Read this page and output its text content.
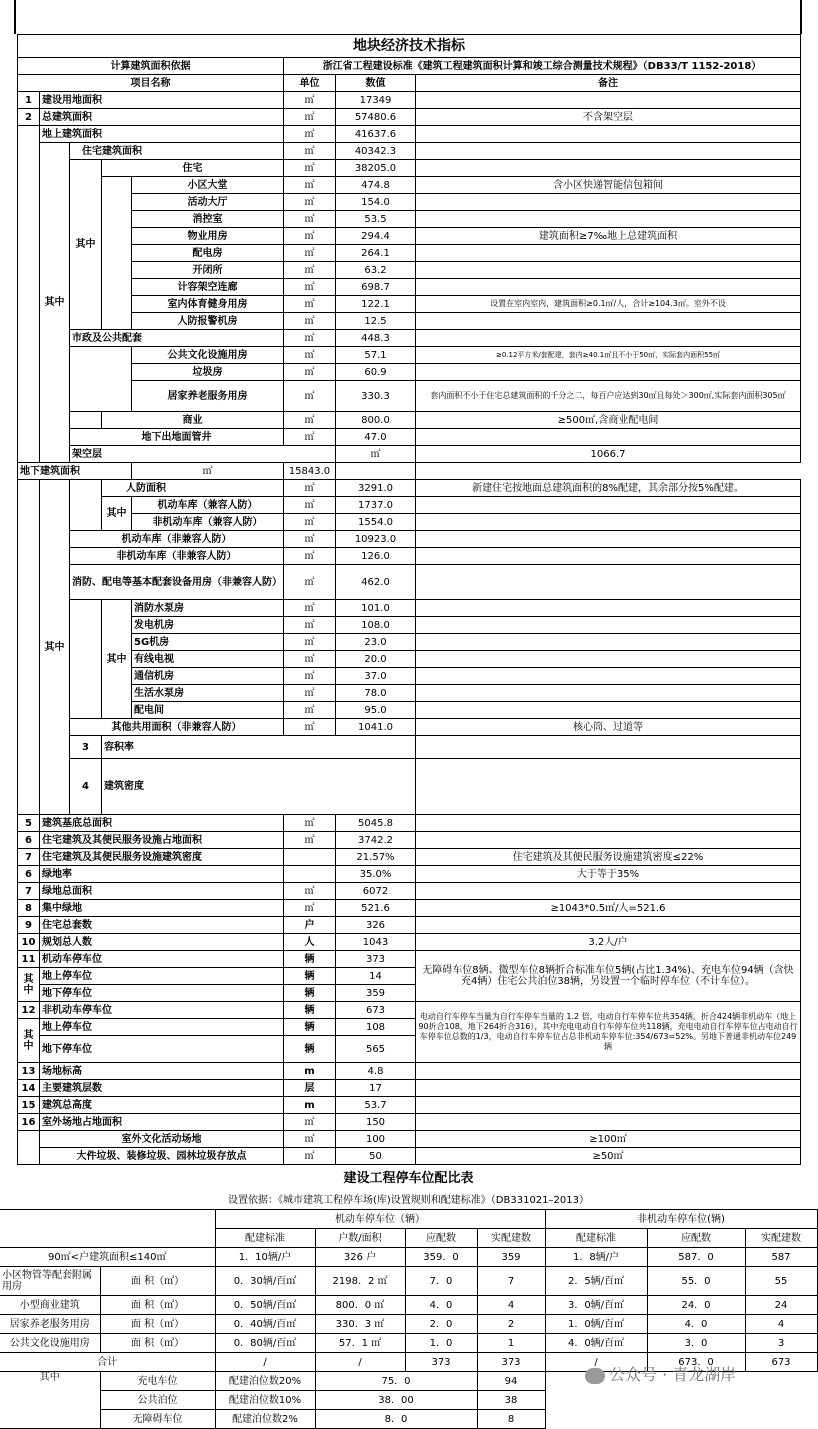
地块经济技术指标								
计算建筑面积依据					浙江省工程建设标准《建筑工程建筑面积计算和竣工综合测量技术规程》（DB33/T 1152-2018）			
项目名称					单位	数值	备注	
1	建设用地面积				㎡	17349		
2	总建筑面积				㎡	57480.6	不含架空层	
	地上建筑面积				㎡	41637.6		
	其中	住宅建筑面积			㎡	40342.3		
		其中	住宅		㎡	38205.0		
				小区大堂	㎡	474.8	含小区快递智能信包箱间	
				活动大厅	㎡	154.0		
				消控室	㎡	53.5		
				物业用房	㎡	294.4	建筑面积≥7‰地上总建筑面积	
				配电房	㎡	264.1		
				开闭所	㎡	63.2		
				计容架空连廊	㎡	698.7		
				室内体育健身用房	㎡	122.1	设置在室内室内，建筑面积≥0.1㎡/人，合计≥104.3㎡。室外不设	
				人防报警机房	㎡	12.5		
		市政及公共配套			㎡	448.3		
				公共文化设施用房	㎡	57.1	≥0.12平方米/套配建，套内≥40.1㎡且不小于50㎡，实际套内面积55㎡	
				垃圾房	㎡	60.9		
				居家养老服务用房	㎡	330.3	套内面积不小于住宅总建筑面积的千分之二，每百户应达到30㎡且每处＞300㎡,实际套内面积305㎡	
			商业		㎡	800.0	≥500㎡,含商业配电间	
		地下出地面管井			㎡	47.0		
		架空层				㎡	1066.7	
地下建筑面积				㎡	15843.0			
	其中		人防面积		㎡	3291.0	新建住宅按地面总建筑面积的8%配建，其余部分按5%配建。	
			其中	机动车库（兼容人防）	㎡	1737.0		
				非机动车库（兼容人防）	㎡	1554.0		
		机动车库（非兼容人防）			㎡	10923.0		
		非机动车库（非兼容人防）			㎡	126.0		
		消防、配电等基本配套设备用房（非兼容人防）			㎡	462.0		
			其中	消防水泵房	㎡	101.0		
				发电机房	㎡	108.0		
				5G机房	㎡	23.0		
				有线电视	㎡	20.0		
				通信机房	㎡	37.0		
				生活水泵房	㎡	78.0		
				配电间	㎡	95.0		
		其他共用面积（非兼容人防）			㎡	1041.0	核心筒、过道等	
		3	容积率			
		4	建筑密度			
5	建筑基底总面积				㎡	5045.8		
6	住宅建筑及其便民服务设施占地面积				㎡	3742.2		
7	住宅建筑及其便民服务设施建筑密度					21.57%	住宅建筑及其便民服务设施建筑密度≤22%	
6	绿地率					35.0%	大于等于35%	
7	绿地总面积				㎡	6072		
8	集中绿地				㎡	521.6	≥1043*0.5㎡/人=521.6	
9	住宅总套数				户	326		
10	规划总人数				人	1043	3.2人/户	
11	机动车停车位				辆	373	无障碍车位8辆、微型车位8辆折合标准车位5辆(占比1.34%)、充电车位94辆（含快充4辆）住宅公共泊位38辆，另设置一个临时停车位（不计车位）。	
其中	地上停车位				辆	14		
	地下停车位				辆	359		
12	非机动车停车位				辆	673	电动自行车停车当量为自行车停车当量的 1.2 倍，电动自行车停车位共354辆，折合424辆非机动车（地上90折合108，地下264折合316），其中充电电动自行车停车位共118辆，充电电动自行车停车位占电动自行车停车位总数的1/3，电动自行车停车位占总非机动车停车位:354/673=52%。另地下普通非机动车位249辆	
其中	地上停车位				辆	108		
	地下停车位				辆	565		
13	场地标高				m	4.8		
14	主要建筑层数				层	17		
15	建筑总高度				m	53.7		
16	室外场地占地面积				㎡	150		
	室外文化活动场地				㎡	100	≥100㎡	
	大件垃圾、装修垃圾、园林垃圾存放点				㎡	50	≥50㎡	
建设工程停车位配比表								
设置依据：《城市建筑工程停车场(库)设置规则和配建标准》（DB331021–2013）								
		机动车停车位（辆）				非机动车停车位(辆)		
		配建标准	户数/面积	应配数	实配建数	配建标准	应配数	实配建数
90㎡<户建筑面积≤140㎡		1．10辆/户	326 户	359．0	359	1．8辆/户	587．0	587
小区物管等配套附属用房	面 积（㎡）	0．30辆/百㎡	2198．2 ㎡	7．0	7	2．5辆/百㎡	55．0	55
小型商业建筑	面 积（㎡）	0．50辆/百㎡	800．0 ㎡	4．0	4	3．0辆/百㎡	24．0	24
居家养老服务用房	面 积（㎡）	0．40辆/百㎡	330．3 ㎡	2．0	2	1．0辆/百㎡	4．0	4
公共文化设施用房	面 积（㎡）	0．80辆/百㎡	57．1 ㎡	1．0	1	4．0辆/百㎡	3．0	3
合计		/	/	373	373	/	673．0	673
其中	充电车位	配建泊位数20%	75．0		94			
	公共泊位	配建泊位数10%	38．00		38			
	无障碍车位	配建泊位数2%	8．0		8			
公众号 · 青龙湖岸
